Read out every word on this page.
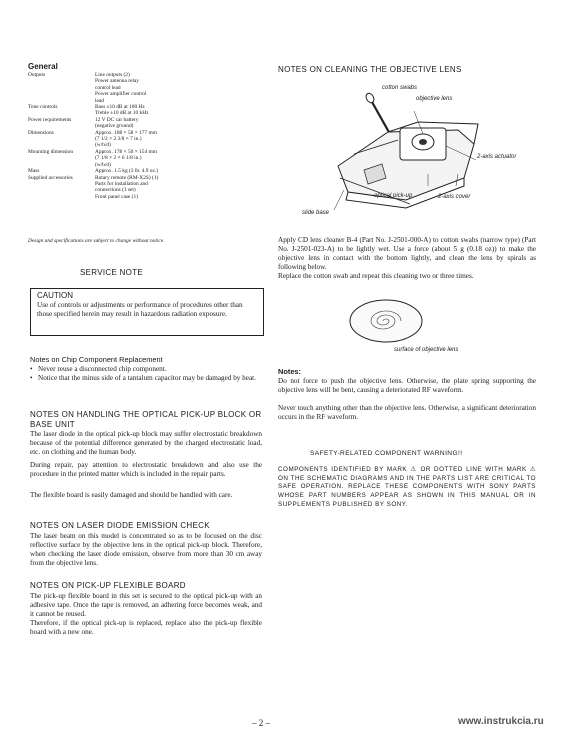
General
Outputs	Line outputs (2)
	Power antenna relay
	control lead
	Power amplifier control
	lead
Tone controls	Bass ±10 dB at 100 Hz
	Treble ±10 dB at 10 kHz
Power requirements	12 V DC car battery
	(negative ground)
Dimensions	Approx. 188 × 58 × 177 mm
	(7 1/2 × 2 3/8 × 7 in.)
	(w/h/d)
Mounting dimension	Approx. 178 × 50 × 154 mm
	(7 1/8 × 2 × 6 1/8 in.)
	(w/h/d)
Mass	Approx. 1.5 kg (3 lb. 4.9 oz.)
Supplied accessories	Rotary remote (RM-X2S) (1)
	Parts for installation and
	connections (1 set)
	Front panel case (1)
Design and specifications are subject to change without notice.
SERVICE NOTE
CAUTION
Use of controls or adjustments or performance of procedures other than those specified herein may result in hazardous radiation exposure.
Notes on Chip Component Replacement
• Never reuse a disconnected chip component.
• Notice that the minus side of a tantalum capacitor may be damaged by heat.
NOTES ON HANDLING THE OPTICAL PICK-UP BLOCK OR BASE UNIT
The laser diode in the optical pick-up block may suffer electrostatic breakdown because of the potential difference generated by the charged electrostatic load, etc. on clothing and the human body.
During repair, pay attention to electrostatic breakdown and also use the procedure in the printed matter which is included in the repair parts.
The flexible board is easily damaged and should be handled with care.
NOTES ON LASER DIODE EMISSION CHECK
The laser beam on this model is concentrated so as to be focused on the disc reflective surface by the objective lens in the optical pick-up block. Therefore, when checking the laser diode emission, observe from more than 30 cm away from the objective lens.
NOTES ON PICK-UP FLEXIBLE BOARD
The pick-up flexible board in this set is secured to the optical pick-up with an adhesive tape. Once the tape is removed, an adhering force becomes weak, and it cannot be reused.
Therefore, if the optical pick-up is replaced, replace also the pick-up flexible board with a new one.
NOTES ON CLEANING THE OBJECTIVE LENS
cotton swabs
objective lens
2-axis actuator
optical pick-up	2-axis cover
slide base
Apply CD lens cleaner B-4 (Part No. J-2501-000-A) to cotton swabs (narrow type) (Part No. J-2501-023-A) to be lightly wet. Use a force (about 5 g (0.18 oz)) to make the objective lens in contact with the bottom lightly, and clean the lens by spirals as following below.
Replace the cotton swab and repeat this cleaning two or three times.
surface of objective lens
Notes:
Do not force to push the objective lens. Otherwise, the plate spring supporting the objective lens will be bent, causing a deteriorated RF waveform.
Never touch anything other than the objective lens. Otherwise, a significant deterioration occurs in the RF waveform.
SAFETY-RELATED COMPONENT WARNING!!
COMPONENTS IDENTIFIED BY MARK ⚠ OR DOTTED LINE WITH MARK ⚠ ON THE SCHEMATIC DIAGRAMS AND IN THE PARTS LIST ARE CRITICAL TO SAFE OPERATION. REPLACE THESE COMPONENTS WITH SONY PARTS WHOSE PART NUMBERS APPEAR AS SHOWN IN THIS MANUAL OR IN SUPPLEMENTS PUBLISHED BY SONY.
– 2 –	www.instrukcia.ru
